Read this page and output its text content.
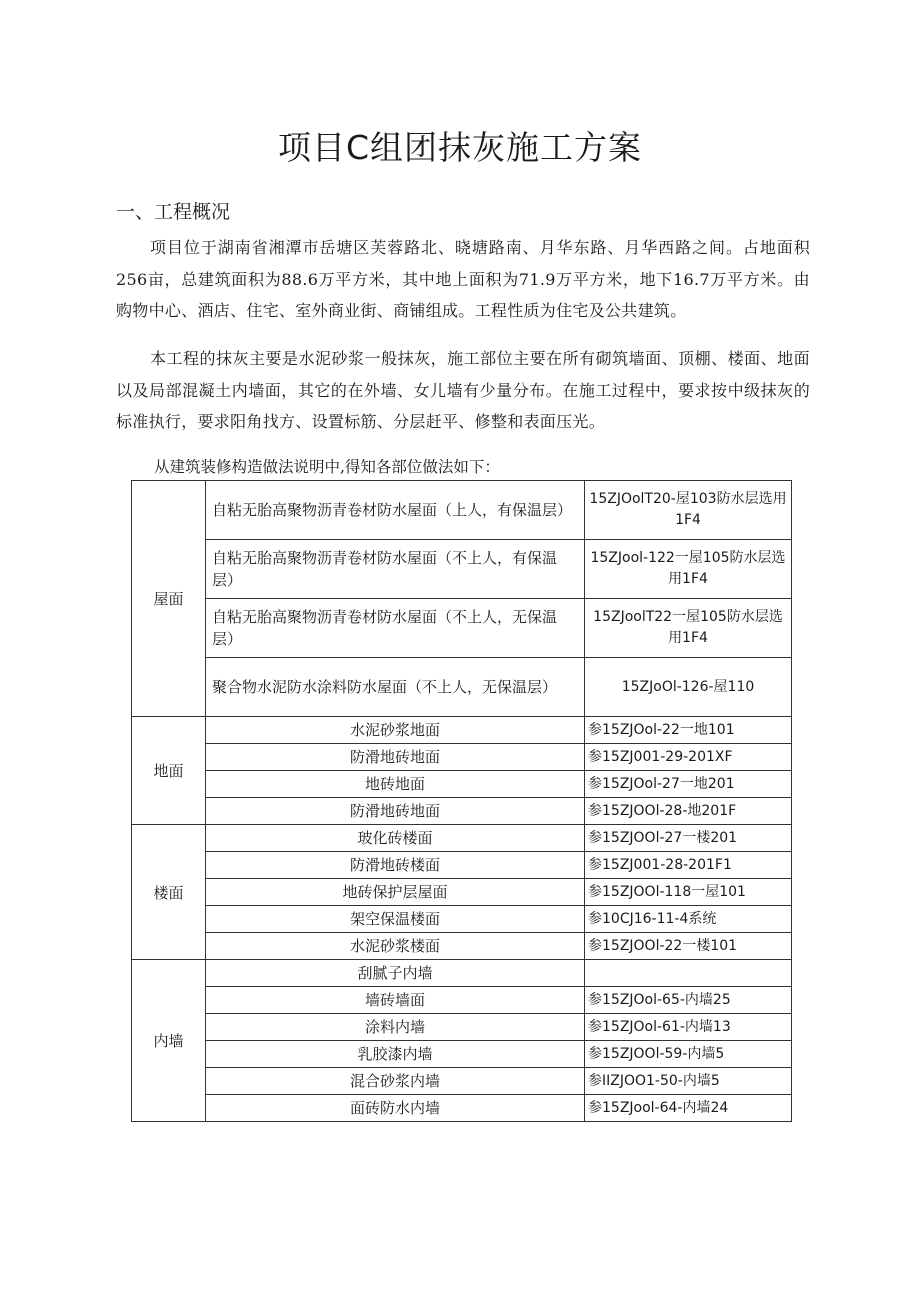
项目C组团抹灰施工方案
一、工程概况

项目位于湖南省湘潭市岳塘区芙蓉路北、晓塘路南、月华东路、月华西路之间。占地面积256亩，总建筑面积为88.6万平方米，其中地上面积为71.9万平方米，地下16.7万平方米。由购物中心、酒店、住宅、室外商业街、商铺组成。工程性质为住宅及公共建筑。

本工程的抹灰主要是水泥砂浆一般抹灰，施工部位主要在所有砌筑墙面、顶棚、楼面、地面以及局部混凝土内墙面，其它的在外墙、女儿墙有少量分布。在施工过程中，要求按中级抹灰的标准执行，要求阳角找方、设置标筋、分层赶平、修整和表面压光。

从建筑装修构造做法说明中,得知各部位做法如下：

屋面	自粘无胎高聚物沥青卷材防水屋面（上人，有保温层）	15ZJOolT20-屋103防水层选用1F4
	自粘无胎高聚物沥青卷材防水屋面（不上人，有保温层）	15ZJool-122一屋105防水层选用1F4
	自粘无胎高聚物沥青卷材防水屋面（不上人，无保温层）	15ZJoolT22一屋105防水层选用1F4
	聚合物水泥防水涂料防水屋面（不上人，无保温层）	15ZJoOl-126-屋110
地面	水泥砂浆地面	参15ZJOol-22一地101
	防滑地砖地面	参15ZJ001-29-201XF
	地砖地面	参15ZJOol-27一地201
	防滑地砖地面	参15ZJOOl-28-地201F
楼面	玻化砖楼面	参15ZJOOl-27一楼201
	防滑地砖楼面	参15ZJ001-28-201F1
	地砖保护层屋面	参15ZJOOl-118一屋101
	架空保温楼面	参10CJ16-11-4系统
	水泥砂浆楼面	参15ZJOOl-22一楼101
内墙	刮腻子内墙	
	墙砖墙面	参15ZJOol-65-内墙25
	涂料内墙	参15ZJOol-61-内墙13
	乳胶漆内墙	参15ZJOOl-59-内墙5
	混合砂浆内墙	参IIZJOO1-50-内墙5
	面砖防水内墙	参15ZJool-64-内墙24
